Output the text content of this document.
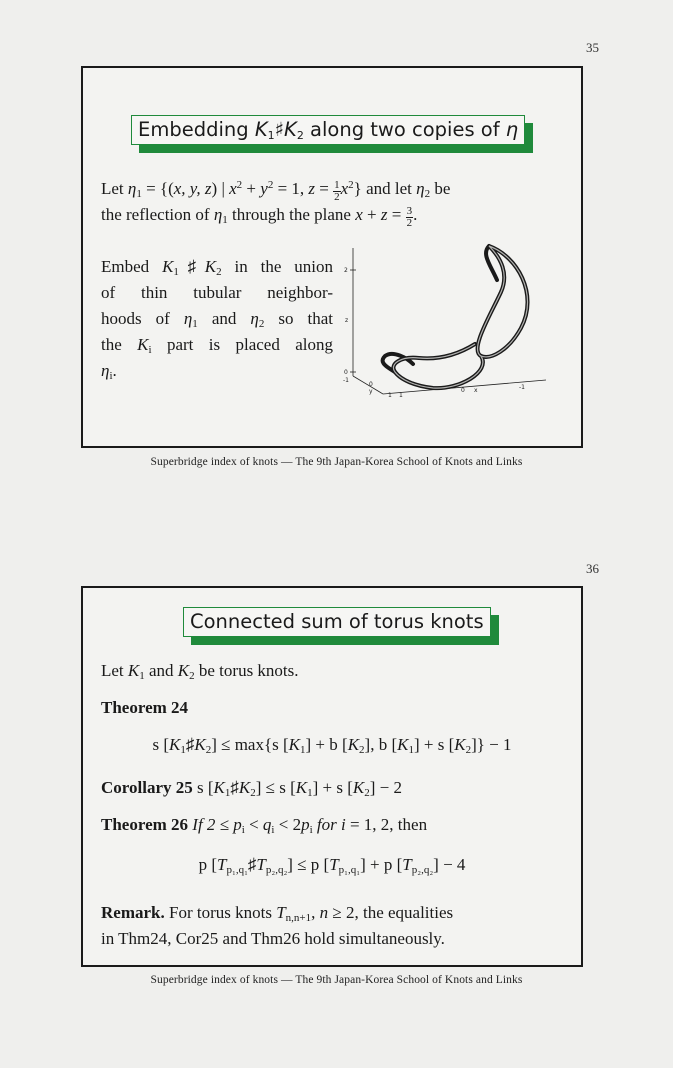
35
Embedding $K_1♯K_2$ along two copies of η
Let $\eta_1 = \{(x$, y, z) | $x^2 + y^2 = 1$, $z = \frac{1}{2} x^2$} and let $\eta_2$ be
the reflection of $\eta_1$ through the plane $x + z = \frac{3}{2}$ .
Embed $K_1♯K_2$ in the union
of thin tubular neighbor-
hoods of $\eta_1$ and $\eta_2$ so that
the $K_i$ part is placed along
$\eta_i$.
2
z
0
-1
0
y
1 1
0 x	-1
Superbridge index of knots — The 9th Japan-Korea School of Knots and Links
36
Connected sum of torus knots
Let $K_1$ and $K_2$ be torus knots.
Theorem 24
s $[K_1♯K_2] \le \max\{s$ $[K_1] + b$ $[K_2]$, b $[K_1] + s$ $[K_2]\} - 1$
Corollary 25 s $[K_1♯K_2] \le s$ $[K_1] + s$ $[K_2] - 2$
Theorem 26 If $2 \le p_i < q_i < 2p_i$ for i = 1, 2, then
p $[T_{p_1,q_1}♯T_{p_2,q_2}] \le p$ $[T_{p_1,q_1}] + p$ $[T_{p_2,q_2}] - 4$
Remark. For torus knots $T_{n,n+1}$, n ≥ 2, the equalities
in Thm24, Cor25 and Thm26 hold simultaneously.
Superbridge index of knots — The 9th Japan-Korea School of Knots and Links
